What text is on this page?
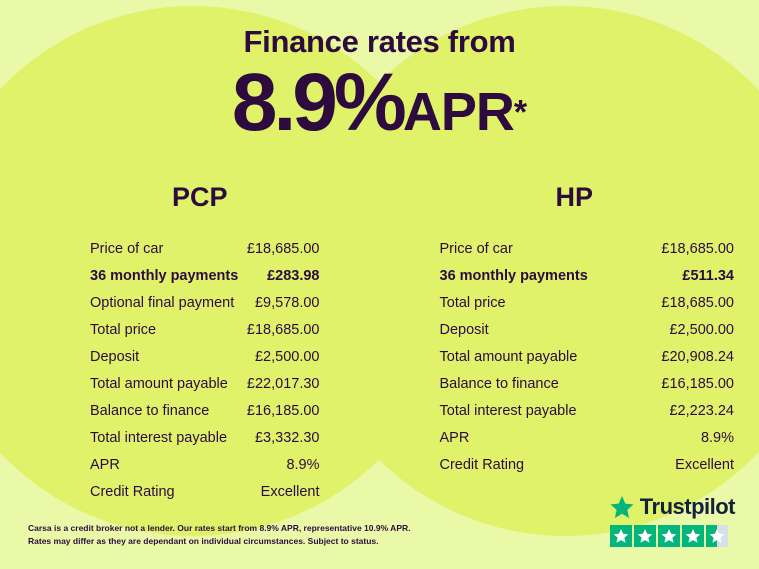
Finance rates from
8.9%APR*
PCP
Price of car	£18,685.00
36 monthly payments £283.98
Optional final payment £9,578.00
Total price	£18,685.00
Deposit	£2,500.00
Total amount payable £22,017.30
Balance to finance	£16,185.00
Total interest payable £3,332.30
APR	8.9%
Credit Rating	Excellent
HP
Price of car	£18,685.00
36 monthly payments	£511.34
Total price	£18,685.00
Deposit	£2,500.00
Total amount payable	£20,908.24
Balance to finance	£16,185.00
Total interest payable	£2,223.24
APR	8.9%
Credit Rating	Excellent
Carsa is a credit broker not a lender. Our rates start from 8.9% APR, representative 10.9% APR.
Rates may differ as they are dependant on individual circumstances. Subject to status.
Trustpilot
